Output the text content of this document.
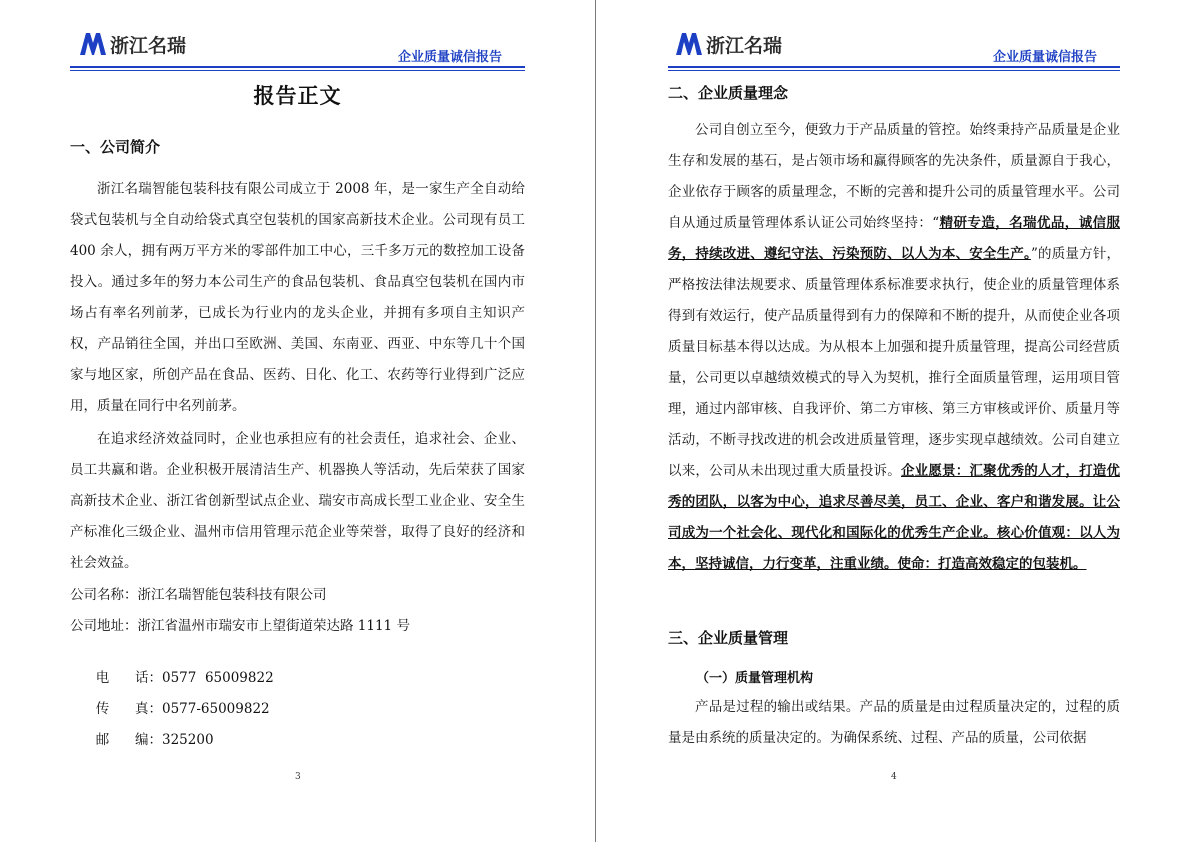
浙江名瑞
企业质量诚信报告
报告正文
一、公司简介
浙江名瑞智能包装科技有限公司成立于 2008 年，是一家生产全自动给袋式包装机与全自动给袋式真空包装机的国家高新技术企业。公司现有员工 400 余人，拥有两万平方米的零部件加工中心，三千多万元的数控加工设备投入。通过多年的努力本公司生产的食品包装机、食品真空包装机在国内市场占有率名列前茅，已成长为行业内的龙头企业，并拥有多项自主知识产权，产品销往全国，并出口至欧洲、美国、东南亚、西亚、中东等几十个国家与地区家，所创产品在食品、医药、日化、化工、农药等行业得到广泛应用，质量在同行中名列前茅。
在追求经济效益同时，企业也承担应有的社会责任，追求社会、企业、员工共赢和谐。企业积极开展清洁生产、机器换人等活动，先后荣获了国家高新技术企业、浙江省创新型试点企业、瑞安市高成长型工业企业、安全生产标准化三级企业、温州市信用管理示范企业等荣誉，取得了良好的经济和社会效益。
公司名称：浙江名瑞智能包装科技有限公司
公司地址：浙江省温州市瑞安市上望街道荣达路 1111 号

电      话：0577  65009822

传      真：0577-65009822

邮      编：325200

3
浙江名瑞
企业质量诚信报告
二、企业质量理念
公司自创立至今，便致力于产品质量的管控。始终秉持产品质量是企业生存和发展的基石，是占领市场和赢得顾客的先决条件，质量源自于我心，企业依存于顾客的质量理念，不断的完善和提升公司的质量管理水平。公司自从通过质量管理体系认证公司始终坚持：“精研专造，名瑞优品，诚信服务，持续改进、遵纪守法、污染预防、以人为本、安全生产。”的质量方针，严格按法律法规要求、质量管理体系标准要求执行，使企业的质量管理体系得到有效运行，使产品质量得到有力的保障和不断的提升，从而使企业各项质量目标基本得以达成。为从根本上加强和提升质量管理，提高公司经营质量，公司更以卓越绩效模式的导入为契机，推行全面质量管理，运用项目管理，通过内部审核、自我评价、第二方审核、第三方审核或评价、质量月等活动，不断寻找改进的机会改进质量管理，逐步实现卓越绩效。公司自建立以来，公司从未出现过重大质量投诉。企业愿景：汇聚优秀的人才，打造优秀的团队，以客为中心，追求尽善尽美，员工、企业、客户和谐发展。让公司成为一个社会化、现代化和国际化的优秀生产企业。核心价值观：以人为本，坚持诚信，力行变革，注重业绩。使命：打造高效稳定的包装机。
三、企业质量管理
（一）质量管理机构
产品是过程的输出或结果。产品的质量是由过程质量决定的，过程的质量是由系统的质量决定的。为确保系统、过程、产品的质量，公司依据
4
